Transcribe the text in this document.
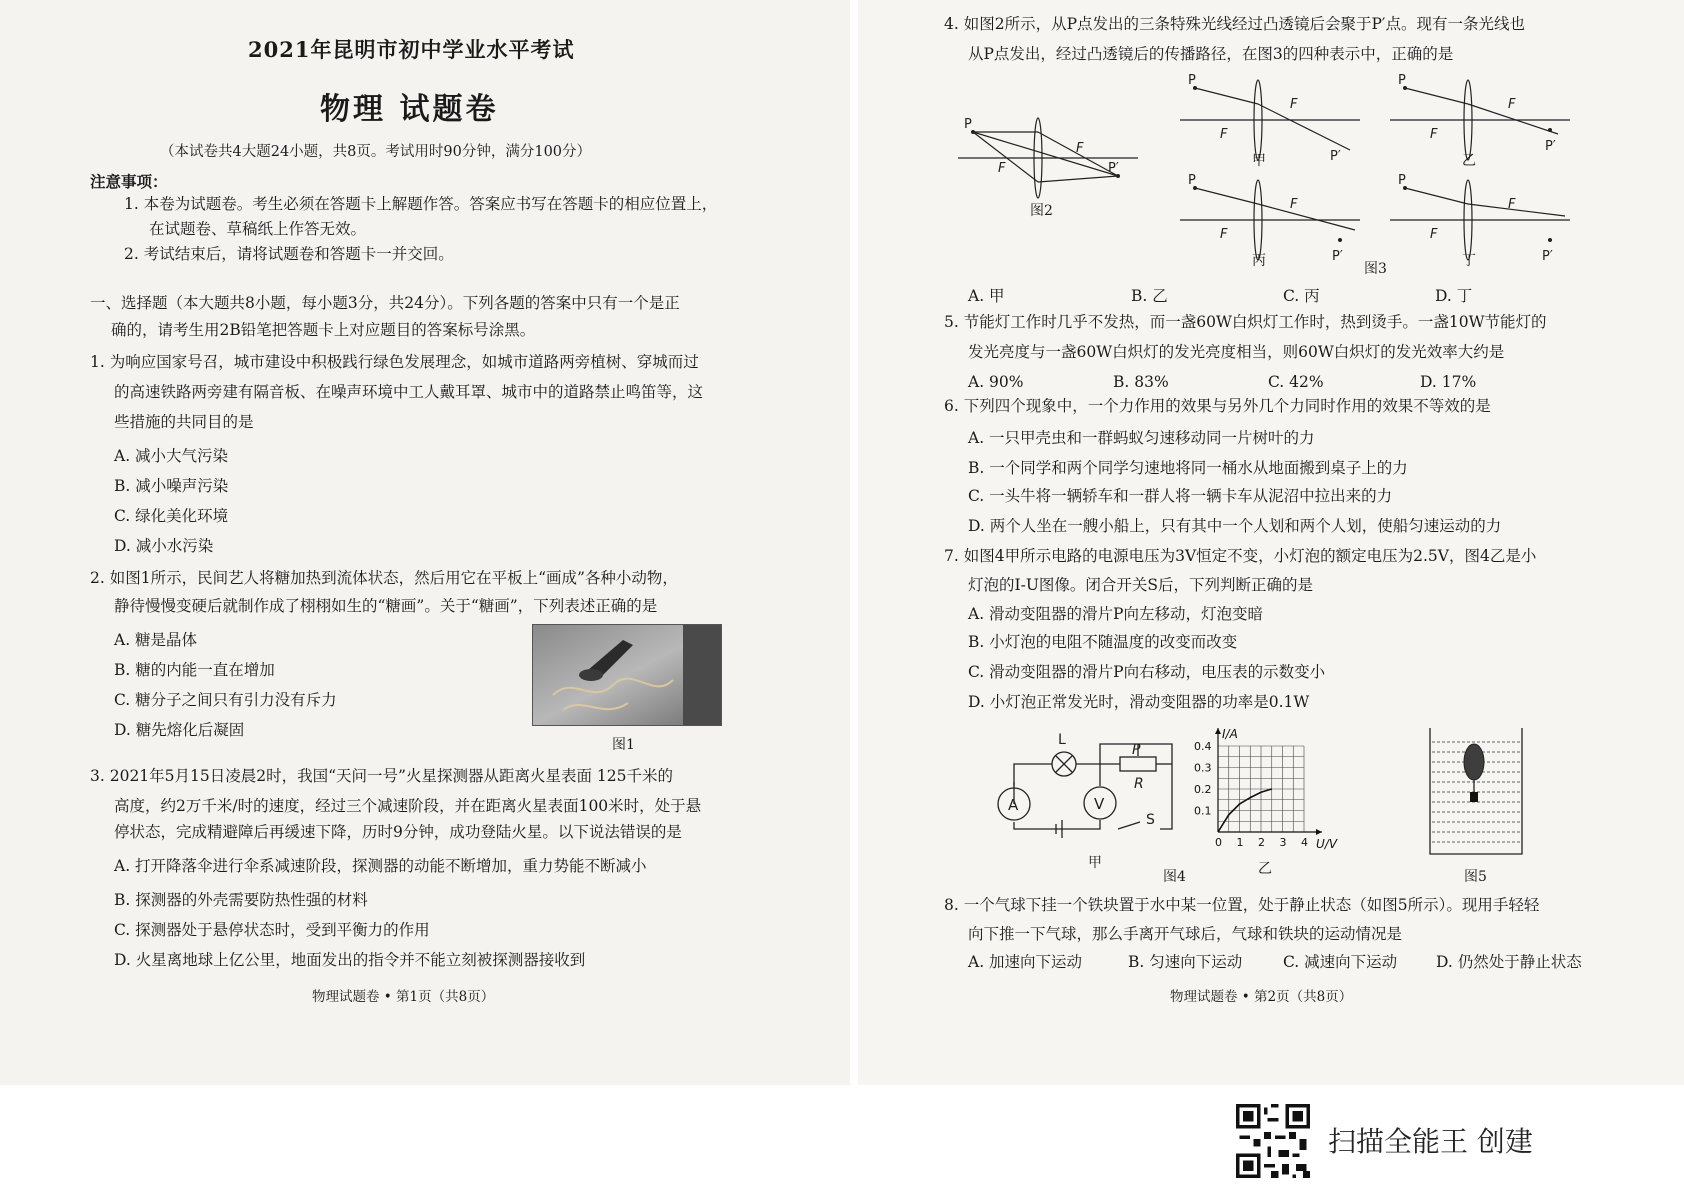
2021年昆明市初中学业水平考试
物理 试题卷
（本试卷共4大题24小题，共8页。考试用时90分钟，满分100分）
注意事项：
1. 本卷为试题卷。考生必须在答题卡上解题作答。答案应书写在答题卡的相应位置上，
在试题卷、草稿纸上作答无效。
2. 考试结束后，请将试题卷和答题卡一并交回。
一、选择题（本大题共8小题，每小题3分，共24分）。下列各题的答案中只有一个是正
确的，请考生用2B铅笔把答题卡上对应题目的答案标号涂黑。
1. 为响应国家号召，城市建设中积极践行绿色发展理念，如城市道路两旁植树、穿城而过
的高速铁路两旁建有隔音板、在噪声环境中工人戴耳罩、城市中的道路禁止鸣笛等，这
些措施的共同目的是
A. 减小大气污染
B. 减小噪声污染
C. 绿化美化环境
D. 减小水污染
2. 如图1所示，民间艺人将糖加热到流体状态，然后用它在平板上“画成”各种小动物，
静待慢慢变硬后就制作成了栩栩如生的“糖画”。关于“糖画”，下列表述正确的是
A. 糖是晶体
B. 糖的内能一直在增加
C. 糖分子之间只有引力没有斥力
D. 糖先熔化后凝固
图1
3. 2021年5月15日凌晨2时，我国“天问一号”火星探测器从距离火星表面 125千米的
高度，约2万千米/时的速度，经过三个减速阶段，并在距离火星表面100米时，处于悬
停状态，完成精避障后再缓速下降，历时9分钟，成功登陆火星。以下说法错误的是
A. 打开降落伞进行伞系减速阶段，探测器的动能不断增加，重力势能不断减小
B. 探测器的外壳需要防热性强的材料
C. 探测器处于悬停状态时，受到平衡力的作用
D. 火星离地球上亿公里，地面发出的指令并不能立刻被探测器接收到
物理试题卷 • 第1页（共8页）
4. 如图2所示，从P点发出的三条特殊光线经过凸透镜后会聚于P′点。现有一条光线也
从P点发出，经过凸透镜后的传播路径，在图3的四种表示中，正确的是
P
F
F	P′
图2
P
F
F
P′
甲
P
F
F
P′
乙
P
F
F
P′
丙
P
F
F
P′
丁
图3
A. 甲	B. 乙	C. 丙	D. 丁
5. 节能灯工作时几乎不发热，而一盏60W白炽灯工作时，热到烫手。一盏10W节能灯的
发光亮度与一盏60W白炽灯的发光亮度相当，则60W白炽灯的发光效率大约是
A. 90%	B. 83%	C. 42%	D. 17%
6. 下列四个现象中，一个力作用的效果与另外几个力同时作用的效果不等效的是
A. 一只甲壳虫和一群蚂蚁匀速移动同一片树叶的力
B. 一个同学和两个同学匀速地将同一桶水从地面搬到桌子上的力
C. 一头牛将一辆轿车和一群人将一辆卡车从泥沼中拉出来的力
D. 两个人坐在一艘小船上，只有其中一个人划和两个人划，使船匀速运动的力
7. 如图4甲所示电路的电源电压为3V恒定不变，小灯泡的额定电压为2.5V，图4乙是小
灯泡的I-U图像。闭合开关S后，下列判断正确的是
A. 滑动变阻器的滑片P向左移动，灯泡变暗
B. 小灯泡的电阻不随温度的改变而改变
C. 滑动变阻器的滑片P向右移动，电压表的示数变小
D. 小灯泡正常发光时，滑动变阻器的功率是0.1W
A	V
L
P
R
S
甲
0 1 2 3 4
0.1
0.2
0.3
0.4
U/V
I/A
乙
图4	图5
8. 一个气球下挂一个铁块置于水中某一位置，处于静止状态（如图5所示）。现用手轻轻
向下推一下气球，那么手离开气球后，气球和铁块的运动情况是
A. 加速向下运动	B. 匀速向下运动	C. 减速向下运动	D. 仍然处于静止状态
物理试题卷 • 第2页（共8页）
扫描全能王 创建
